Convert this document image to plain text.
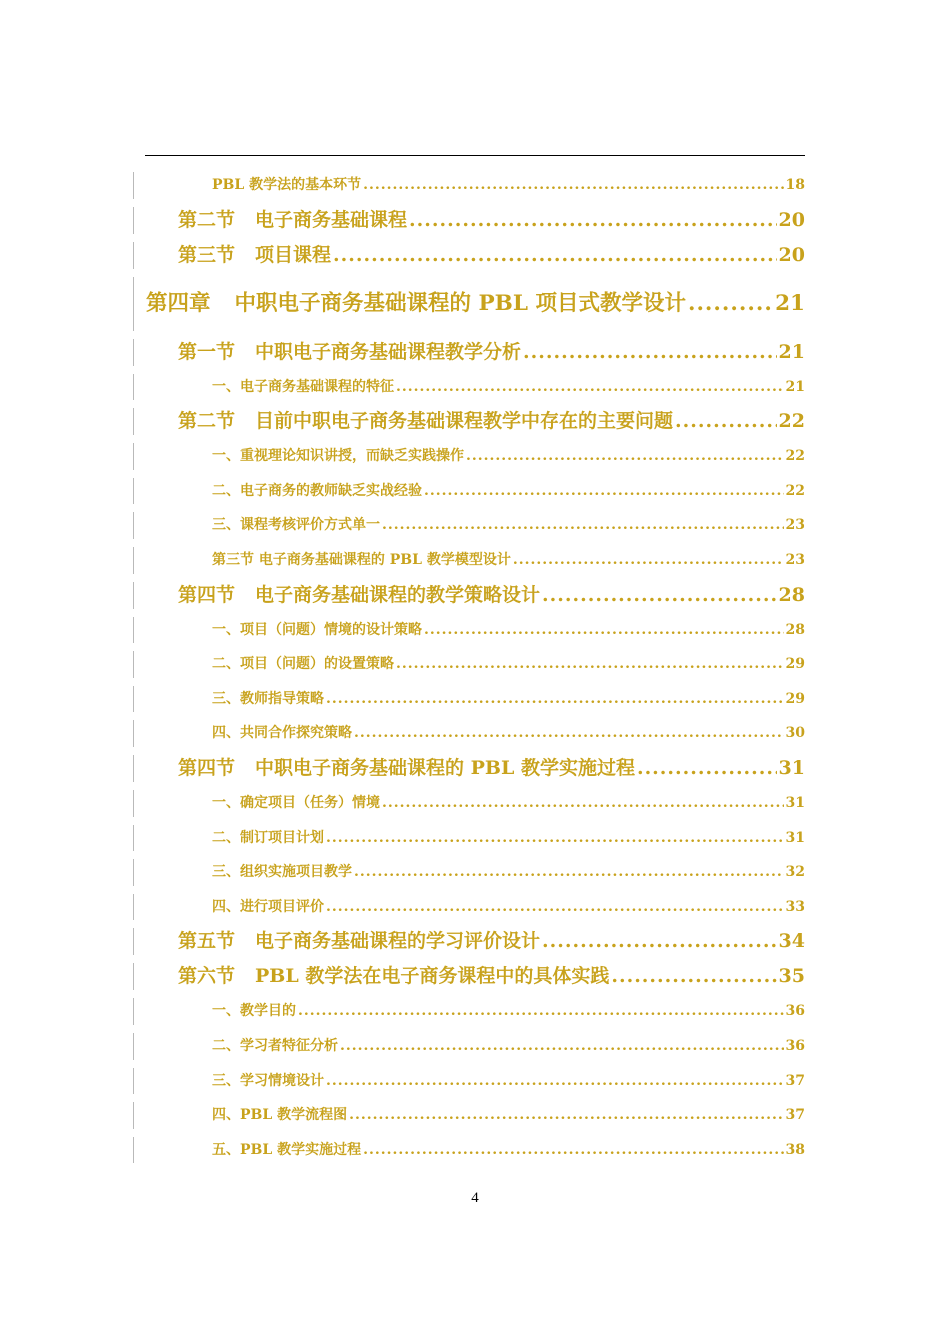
PBL 教学法的基本环节 .....	18
第二节 电子商务基础课程 .....	20
第三节 项目课程 .....	20
第四章 中职电子商务基础课程的 PBL 项目式教学设计 .....	21
第一节 中职电子商务基础课程教学分析 .....	21
一、电子商务基础课程的特征 .....	21
第二节 目前中职电子商务基础课程教学中存在的主要问题 .....	22
一、重视理论知识讲授，而缺乏实践操作 .....	22
二、电子商务的教师缺乏实战经验 .....	22
三、课程考核评价方式单一 .....	23
第三节 电子商务基础课程的 PBL 教学模型设计 .....	23
第四节 电子商务基础课程的教学策略设计 .....	28
一、项目（问题）情境的设计策略 .....	28
二、项目（问题）的设置策略 .....	29
三、教师指导策略 .....	29
四、共同合作探究策略 .....	30
第四节 中职电子商务基础课程的 PBL 教学实施过程 .....	31
一、确定项目（任务）情境 .....	31
二、制订项目计划 .....	31
三、组织实施项目教学 .....	32
四、进行项目评价 .....	33
第五节 电子商务基础课程的学习评价设计 .....	34
第六节 PBL 教学法在电子商务课程中的具体实践 .....	35
一、教学目的 .....	36
二、学习者特征分析 .....	36
三、学习情境设计 .....	37
四、PBL 教学流程图 .....	37
五、PBL 教学实施过程 .....	38
4
